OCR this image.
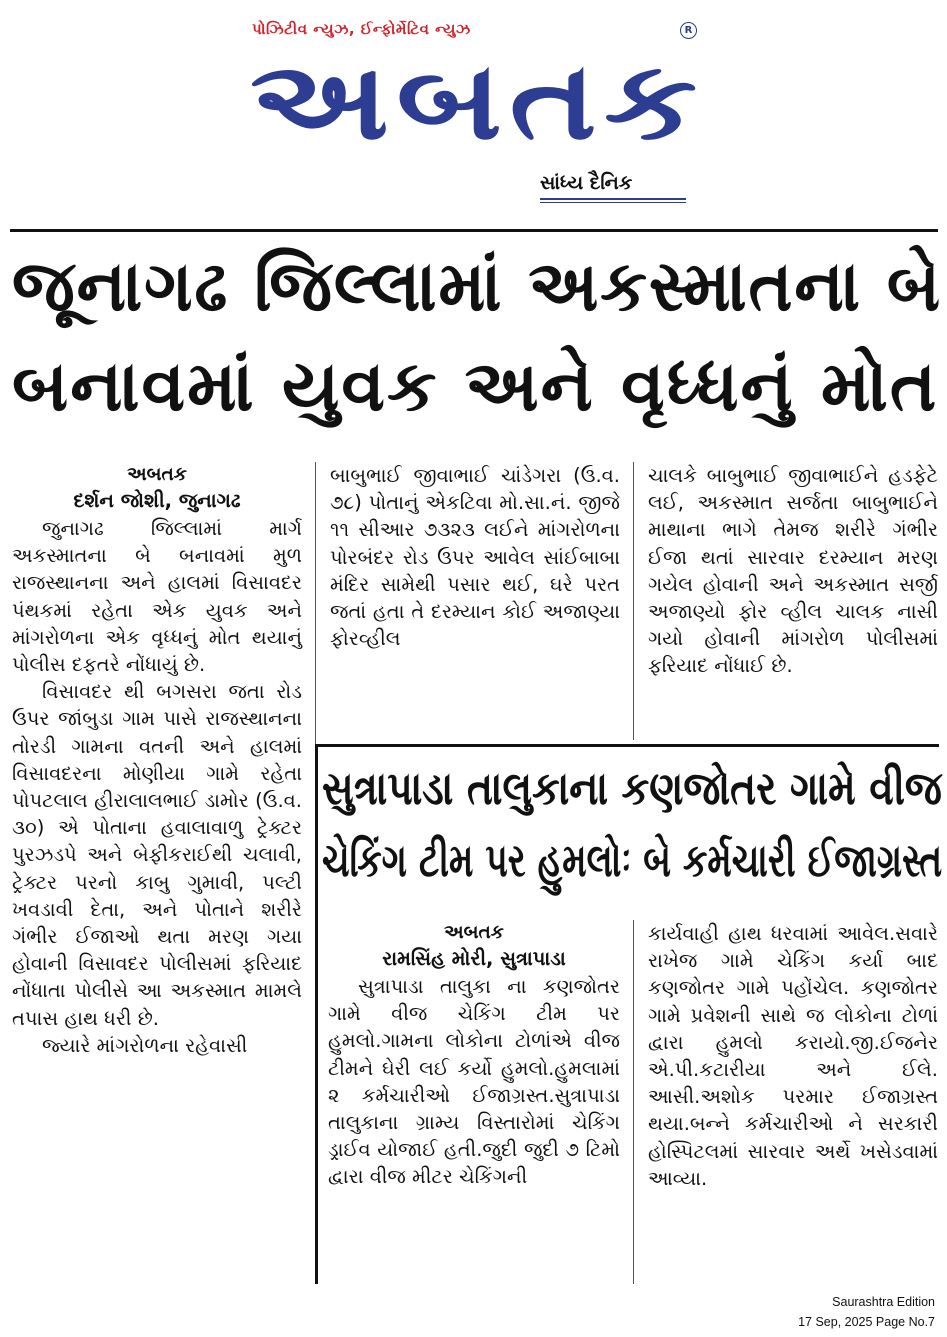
પોઝિટીવ ન્યુઝ, ઈન્ફોર્મેટિવ ન્યુઝ	R
અબતક
સાંધ્ય દૈનિક
જૂનાગઢ જિલ્લામાં અકસ્માતના બે
બનાવમાં યુવક અને વૃધ્ધનું મોત
અબતક
દર્શન જોશી, જુનાગઢ

જુનાગઢ જિલ્લામાં માર્ગ અકસ્માતના બે બનાવમાં મુળ રાજસ્થાનના અને હાલમાં વિસાવદર પંથકમાં રહેતા એક યુવક અને માંગરોળના એક વૃધ્ધનું મોત થયાનું પોલીસ દફતરે નોંધાયું છે.

વિસાવદર થી બગસરા જતા રોડ ઉપર જાંબુડા ગામ પાસે રાજસ્થાનના તોરડી ગામના વતની અને હાલમાં વિસાવદરના મોણીયા ગામે રહેતા પોપટલાલ હીરાલાલભાઈ ડામોર (ઉ.વ. ૩૦) એ પોતાના હવાલાવાળુ ટ્રેક્ટર પુરઝડપે અને બેફીકરાઈથી ચલાવી, ટ્રેક્ટર પરનો કાબુ ગુમાવી, પલ્ટી ખવડાવી દેતા, અને પોતાને શરીરે ગંભીર ઈજાઓ થતા મરણ ગયા હોવાની વિસાવદર પોલીસમાં ફરિયાદ નોંધાતા પોલીસે આ અકસ્માત મામલે તપાસ હાથ ધરી છે.

જ્યારે માંગરોળના રહેવાસી

બાબુભાઈ જીવાભાઈ ચાંડેગરા (ઉ.વ. ૭૮) પોતાનું એકટિવા મો.સા.નં. જીજે ૧૧ સીઆર ૭૩૨૩ લઈને માંગરોળના પોરબંદર રોડ ઉપર આવેલ સાંઈબાબા મંદિર સામેથી પસાર થઈ, ઘરે પરત જતાં હતા તે દરમ્યાન કોઈ અજાણ્યા ફોરવ્હીલ

ચાલકે બાબુભાઈ જીવાભાઈને હડફેટે લઈ, અકસ્માત સર્જતા બાબુભાઈને માથાના ભાગે તેમજ શરીરે ગંભીર ઈજા થતાં સારવાર દરમ્યાન મરણ ગયેલ હોવાની અને અકસ્માત સર્જી અજાણ્યો ફોર વ્હીલ ચાલક નાસી ગયો હોવાની માંગરોળ પોલીસમાં ફરિયાદ નોંધાઈ છે.

સુત્રાપાડા તાલુકાના કણજોતર ગામે વીજ
ચેકિંગ ટીમ પર હુમલોઃ બે કર્મચારી ઈજાગ્રસ્ત
અબતક
રામસિંહ મોરી, સુત્રાપાડા

સુત્રાપાડા તાલુકા ના કણજોતર ગામે વીજ ચેકિંગ ટીમ પર હુમલો.ગામના લોકોના ટોળાંએ વીજ ટીમને ઘેરી લઈ કર્યો હુમલો.હુમલામાં ૨ કર્મચારીઓ ઈજાગ્રસ્ત.સુત્રાપાડા તાલુકાના ગ્રામ્ય વિસ્તારોમાં ચેકિંગ ડ્રાઈવ યોજાઈ હતી.જુદી જુદી ૭ ટિમો દ્વારા વીજ મીટર ચેકિંગની

કાર્યવાહી હાથ ધરવામાં આવેલ.સવારે રાખેજ ગામે ચેકિંગ કર્યા બાદ કણજોતર ગામે પહોંચેલ. કણજોતર ગામે પ્રવેશની સાથે જ લોકોના ટોળાં દ્વારા હુમલો કરાયો.જી.ઈજનેર એ.પી.કટારીયા અને ઈલે. આસી.અશોક પરમાર ઈજાગ્રસ્ત થયા.બન્ને કર્મચારીઓ ને સરકારી હોસ્પિટલમાં સારવાર અર્થે ખસેડવામાં આવ્યા.

Saurashtra Edition
17 Sep, 2025 Page No.7
